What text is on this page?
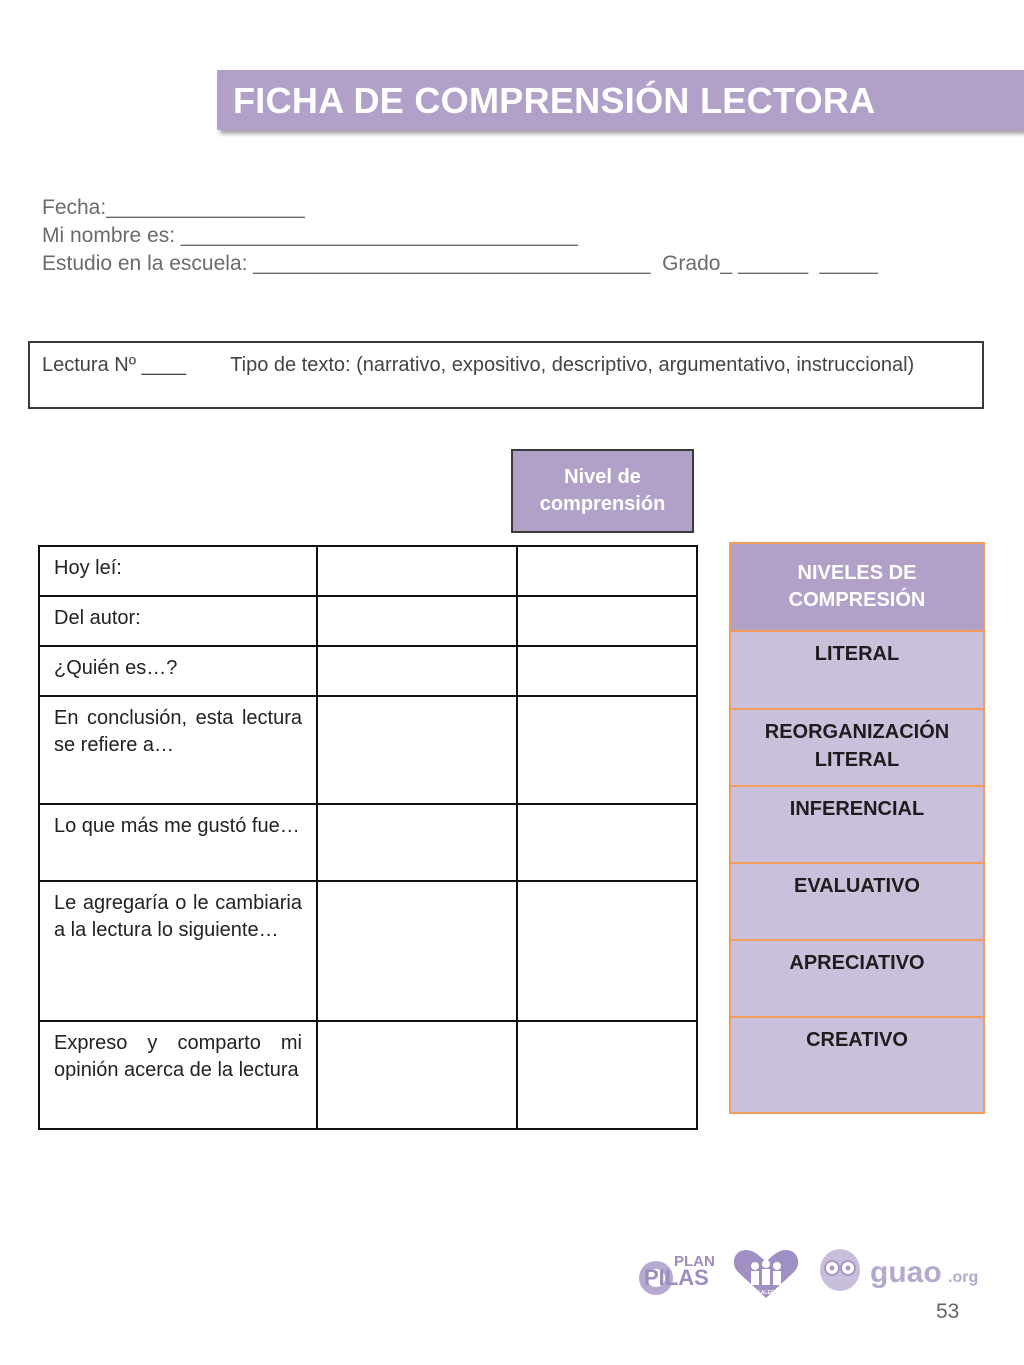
FICHA DE COMPRENSIÓN LECTORA
Fecha:_________________
Mi nombre es: __________________________________
Estudio en la escuela: __________________________________  Grado_ ______  _____

Lectura Nº ____        Tipo de texto: (narrativo, expositivo, descriptivo, argumentativo, instruccional)

Nivel de comprensión
Hoy leí:		

Del autor:		

¿Quién es…?		

En conclusión, esta lectura se refiere a…		

Lo que más me gustó fue…		

Le agregaría o le cambiaria a la lectura lo siguiente…		

Expreso y comparto mi opinión acerca de la lectura		

NIVELES DE COMPRESIÓN
LITERAL
REORGANIZACIÓN LITERAL
INFERENCIAL
EVALUATIVO
APRECIATIVO
CREATIVO
PLAN
PILAS
FE Y ALEGRIA
guao .org
53
